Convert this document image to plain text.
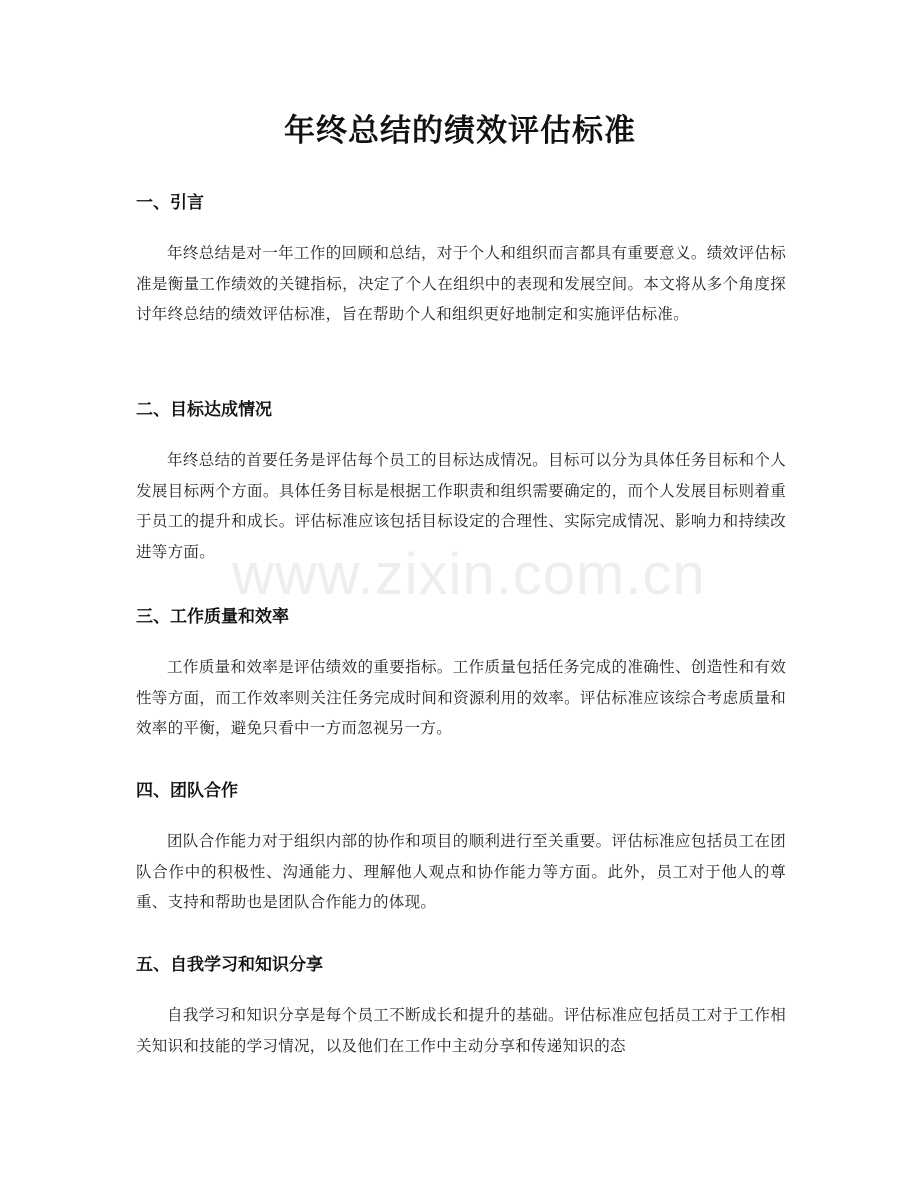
年终总结的绩效评估标准
一、引言

年终总结是对一年工作的回顾和总结，对于个人和组织而言都具有重要意义。绩效评估标准是衡量工作绩效的关键指标，决定了个人在组织中的表现和发展空间。本文将从多个角度探讨年终总结的绩效评估标准，旨在帮助个人和组织更好地制定和实施评估标准。

二、目标达成情况

年终总结的首要任务是评估每个员工的目标达成情况。目标可以分为具体任务目标和个人发展目标两个方面。具体任务目标是根据工作职责和组织需要确定的，而个人发展目标则着重于员工的提升和成长。评估标准应该包括目标设定的合理性、实际完成情况、影响力和持续改进等方面。

三、工作质量和效率

工作质量和效率是评估绩效的重要指标。工作质量包括任务完成的准确性、创造性和有效性等方面，而工作效率则关注任务完成时间和资源利用的效率。评估标准应该综合考虑质量和效率的平衡，避免只看中一方而忽视另一方。

四、团队合作

团队合作能力对于组织内部的协作和项目的顺利进行至关重要。评估标准应包括员工在团队合作中的积极性、沟通能力、理解他人观点和协作能力等方面。此外，员工对于他人的尊重、支持和帮助也是团队合作能力的体现。

五、自我学习和知识分享

自我学习和知识分享是每个员工不断成长和提升的基础。评估标准应包括员工对于工作相关知识和技能的学习情况，以及他们在工作中主动分享和传递知识的态

www.zixin.com.cn
